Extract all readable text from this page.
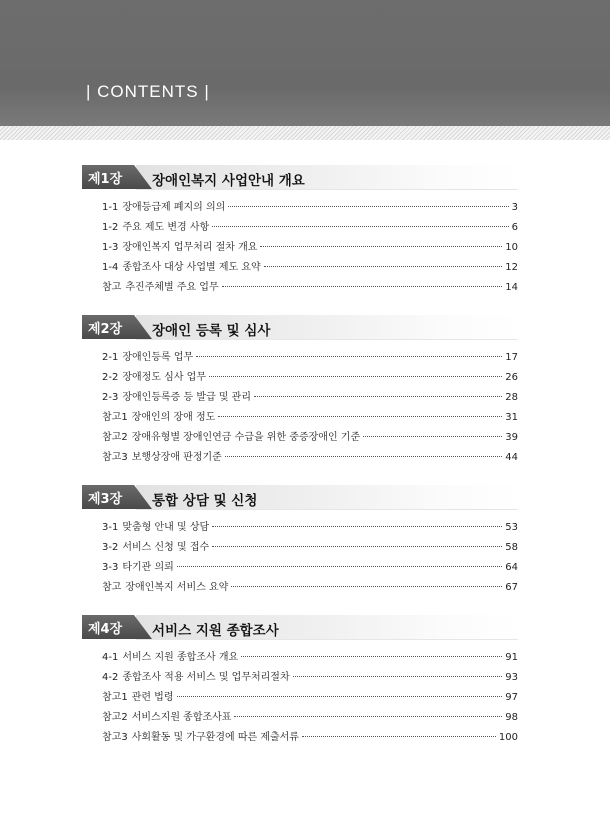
| CONTENTS |
제1장 장애인복지 사업안내 개요
1-1 장애등급제 폐지의 의의	3
1-2 주요 제도 변경 사항	6
1-3 장애인복지 업무처리 절차 개요	10
1-4 종합조사 대상 사업별 제도 요약	12
참고 추진주체별 주요 업무	14
제2장 장애인 등록 및 심사
2-1 장애인등록 업무	17
2-2 장애정도 심사 업무	26
2-3 장애인등록증 등 발급 및 관리	28
참고1 장애인의 장애 정도	31
참고2 장애유형별 장애인연금 수급을 위한 중증장애인 기준	39
참고3 보행상장애 판정기준	44
제3장 통합 상담 및 신청
3-1 맞춤형 안내 및 상담	53
3-2 서비스 신청 및 접수	58
3-3 타기관 의뢰	64
참고 장애인복지 서비스 요약	67
제4장 서비스 지원 종합조사
4-1 서비스 지원 종합조사 개요	91
4-2 종합조사 적용 서비스 및 업무처리절차	93
참고1 관련 법령	97
참고2 서비스지원 종합조사표	98
참고3 사회활동 및 가구환경에 따른 제출서류	100
